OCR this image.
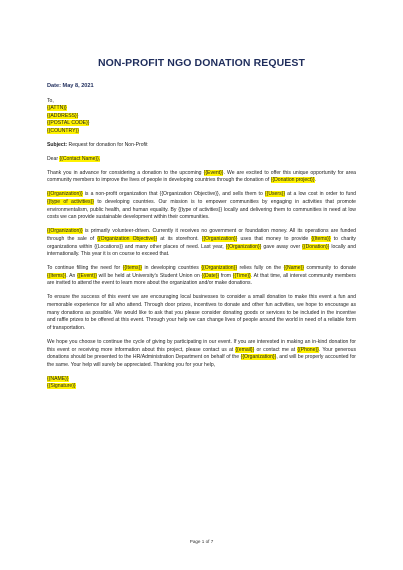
NON-PROFIT NGO DONATION REQUEST
Date: May 8, 2021
To,
{{ATTN}}
{{ADDRESS}}
{{POSTAL CODE}}
{{COUNTRY}}

Subject: Request for donation for Non-Profit

Dear {{Contact Name}},

Thank you in advance for considering a donation to the upcoming {{Event}}. We are excited to offer this unique opportunity for area community members to improve the lives of people in developing countries through the donation of {{Donation project}}.

{{Organization}} is a non-profit organization that {{Organization Objective}}, and sells them to {{Users}} at a low cost in order to fund {{type of activities}} to developing countries. Our mission is to empower communities by engaging in activities that promote environmentalism, public health, and human equality. By {{type of activities}} locally and delivering them to communities in need at low costs we can provide sustainable development within their communities.

{{Organization}} is primarily volunteer-driven. Currently it receives no government or foundation money. All its operations are funded through the sale of {{Organization Objective}} at its storefront. {{Organization}} uses that money to provide {{Items}} to charity organizations within {{Locations}} and many other places of need. Last year, {{Organization}} gave away over {{Donation}} locally and internationally. This year it is on course to exceed that.

To continue filling the need for {{Items}} in developing countries {{Organization}} relies fully on the {{Name}} community to donate {{Items}}. An {{Event}} will be held at University's Student Union on {{Date}} from {{Time}}. At that time, all interest community members are invited to attend the event to learn more about the organization and/or make donations.

To ensure the success of this event we are encouraging local businesses to consider a small donation to make this event a fun and memorable experience for all who attend. Through door prizes, incentives to donate and other fun activities, we hope to encourage as many donations as possible. We would like to ask that you please consider donating goods or services to be included in the incentive and raffle prizes to be offered at this event. Through your help we can change lives of people around the world in need of a reliable form of transportation.

We hope you choose to continue the cycle of giving by participating in our event. If you are interested in making an in-kind donation for this event or receiving more information about this project, please contact us at {{email}} or contact me at {{Phone}}. Your generous donations should be presented to the HR/Administration Department on behalf of the {{Organization}}, and will be properly accounted for the same. Your help will surely be appreciated. Thanking you for your help,

{{NAME}}
{{Signature}}
Page 1 of 7
